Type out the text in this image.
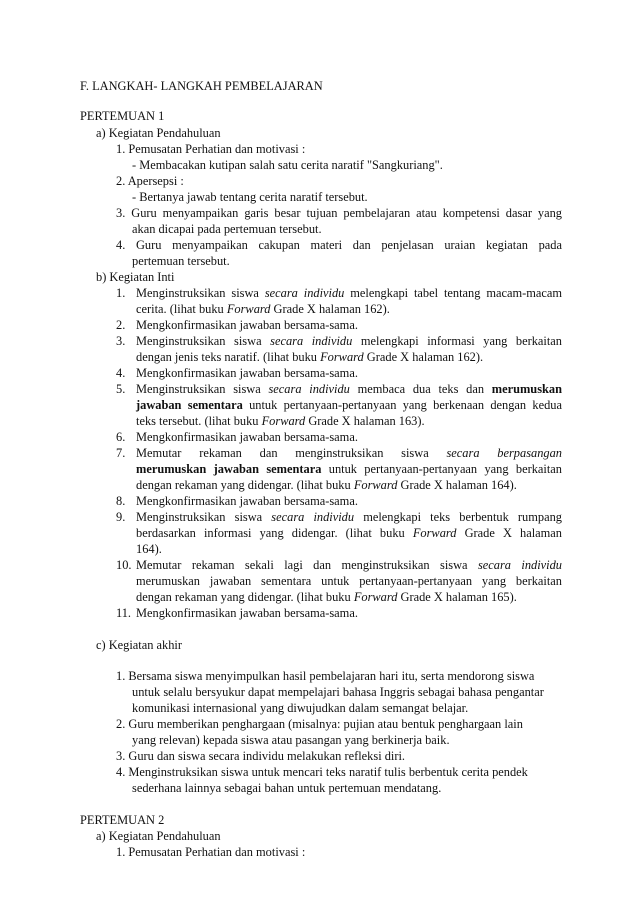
F. LANGKAH- LANGKAH PEMBELAJARAN
PERTEMUAN 1
a) Kegiatan Pendahuluan
1. Pemusatan Perhatian dan motivasi :
- Membacakan kutipan salah satu cerita naratif "Sangkuriang".
2. Apersepsi :
- Bertanya jawab tentang cerita naratif tersebut.
3. Guru menyampaikan garis besar tujuan pembelajaran atau kompetensi dasar yang
akan dicapai pada pertemuan tersebut.
4. Guru menyampaikan cakupan materi dan penjelasan uraian kegiatan pada
pertemuan tersebut.
b) Kegiatan Inti
1. Menginstruksikan siswa secara individu melengkapi tabel tentang macam-macam
cerita. (lihat buku Forward Grade X halaman 162).
2. Mengkonfirmasikan jawaban bersama-sama.
3. Menginstruksikan siswa secara individu melengkapi informasi yang berkaitan
dengan jenis teks naratif. (lihat buku Forward Grade X halaman 162).
4. Mengkonfirmasikan jawaban bersama-sama.
5. Menginstruksikan siswa secara individu membaca dua teks dan merumuskan
jawaban sementara untuk pertanyaan-pertanyaan yang berkenaan dengan kedua
teks tersebut. (lihat buku Forward Grade X halaman 163).
6. Mengkonfirmasikan jawaban bersama-sama.
7. Memutar rekaman dan menginstruksikan siswa secara berpasangan
merumuskan jawaban sementara untuk pertanyaan-pertanyaan yang berkaitan
dengan rekaman yang didengar. (lihat buku Forward Grade X halaman 164).
8. Mengkonfirmasikan jawaban bersama-sama.
9. Menginstruksikan siswa secara individu melengkapi teks berbentuk rumpang
berdasarkan informasi yang didengar. (lihat buku Forward Grade X halaman
164).
10. Memutar rekaman sekali lagi dan menginstruksikan siswa secara individu
merumuskan jawaban sementara untuk pertanyaan-pertanyaan yang berkaitan
dengan rekaman yang didengar. (lihat buku Forward Grade X halaman 165).
11. Mengkonfirmasikan jawaban bersama-sama.
c) Kegiatan akhir
1. Bersama siswa menyimpulkan hasil pembelajaran hari itu, serta mendorong siswa
untuk selalu bersyukur dapat mempelajari bahasa Inggris sebagai bahasa pengantar
komunikasi internasional yang diwujudkan dalam semangat belajar.
2. Guru memberikan penghargaan (misalnya: pujian atau bentuk penghargaan lain
yang relevan) kepada siswa atau pasangan yang berkinerja baik.
3. Guru dan siswa secara individu melakukan refleksi diri.
4. Menginstruksikan siswa untuk mencari teks naratif tulis berbentuk cerita pendek
sederhana lainnya sebagai bahan untuk pertemuan mendatang.
PERTEMUAN 2
a) Kegiatan Pendahuluan
1. Pemusatan Perhatian dan motivasi :
